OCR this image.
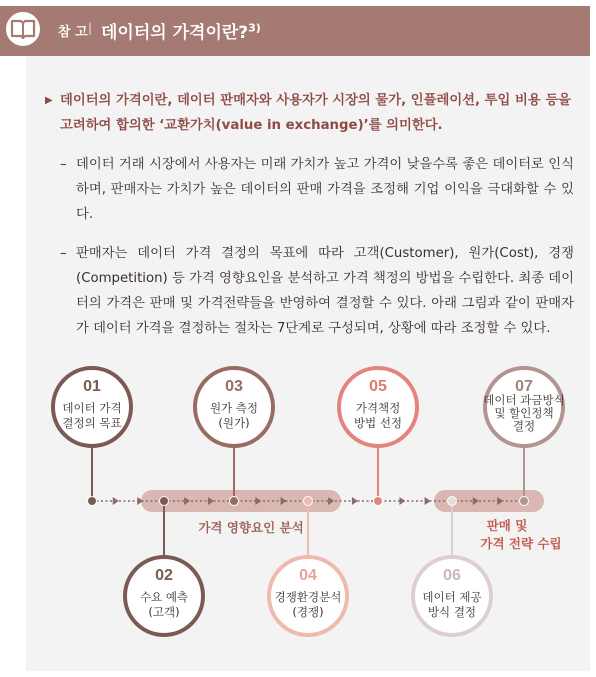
참 고 | 데이터의 가격이란?$^{3)}$
▶ 데이터의 가격이란, 데이터 판매자와 사용자가 시장의 물가, 인플레이션, 투입 비용 등을 고려하여 합의한 ‘교환가치(value in exchange)’를 의미한다.
– 데이터 거래 시장에서 사용자는 미래 가치가 높고 가격이 낮을수록 좋은 데이터로 인식하며, 판매자는 가치가 높은 데이터의 판매 가격을 조정해 기업 이익을 극대화할 수 있다.
– 판매자는 데이터 가격 결정의 목표에 따라 고객(Customer), 원가(Cost), 경쟁(Competition) 등 가격 영향요인을 분석하고 가격 책정의 방법을 수립한다. 최종 데이터의 가격은 판매 및 가격전략들을 반영하여 결정할 수 있다. 아래 그림과 같이 판매자가 데이터 가격을 결정하는 절차는 7단계로 구성되며, 상황에 따라 조정할 수 있다.
01
데이터 가격
결정의 목표
02
수요 예측
(고객)
03
원가 측정
(원가)
04
경쟁환경분석
(경쟁)
05
가격책정
방법 선정
06
데이터 제공
방식 결정
07
데이터 과금방식
및 할인정책
결정
가격 영향요인 분석	판매 및
가격 전략 수립
